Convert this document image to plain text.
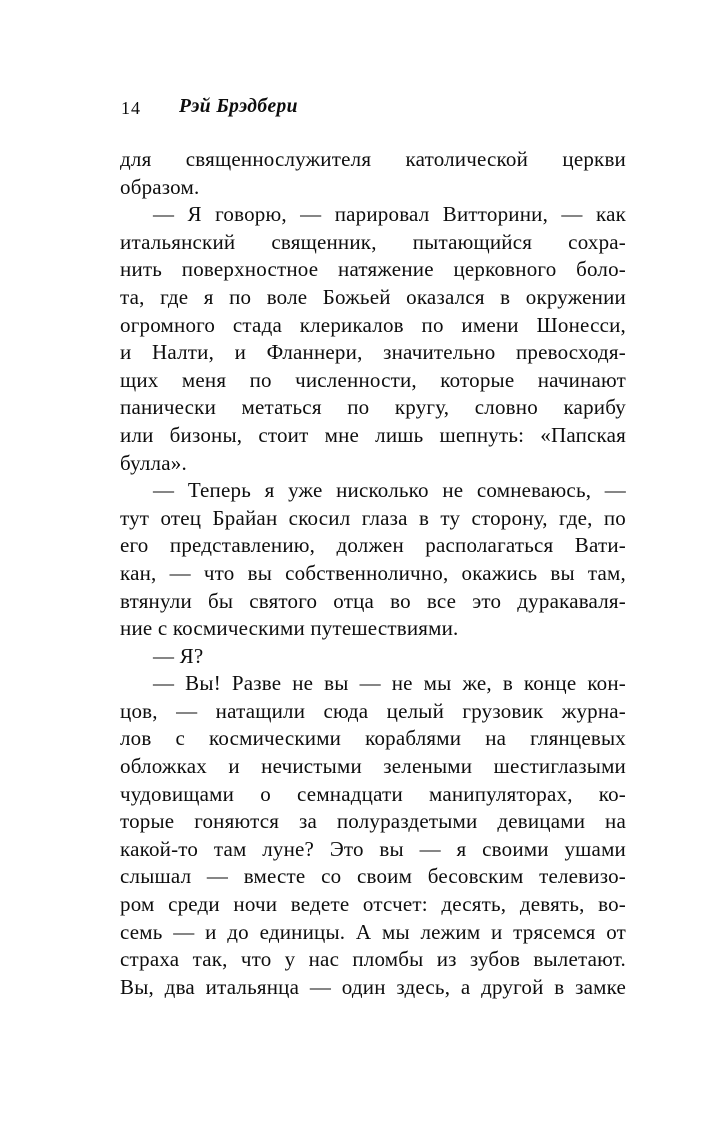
14 Рэй Брэдбери
для священнослужителя католической церкви
образом.
— Я говорю, — парировал Витторини, — как
итальянский священник, пытающийся сохра-
нить поверхностное натяжение церковного боло-
та, где я по воле Божьей оказался в окружении
огромного стада клерикалов по имени Шонесси,
и Налти, и Фланнери, значительно превосходя-
щих меня по численности, которые начинают
панически метаться по кругу, словно карибу
или бизоны, стоит мне лишь шепнуть: «Папская
булла».
— Теперь я уже нисколько не сомневаюсь, —
тут отец Брайан скосил глаза в ту сторону, где, по
его представлению, должен располагаться Вати-
кан, — что вы собственнолично, окажись вы там,
втянули бы святого отца во все это дуракаваля-
ние с космическими путешествиями.
— Я?
— Вы! Разве не вы — не мы же, в конце кон-
цов, — натащили сюда целый грузовик журна-
лов с космическими кораблями на глянцевых
обложках и нечистыми зелеными шестиглазыми
чудовищами о семнадцати манипуляторах, ко-
торые гоняются за полураздетыми девицами на
какой-то там луне? Это вы — я своими ушами
слышал — вместе со своим бесовским телевизо-
ром среди ночи ведете отсчет: десять, девять, во-
семь — и до единицы. А мы лежим и трясемся от
страха так, что у нас пломбы из зубов вылетают.
Вы, два итальянца — один здесь, а другой в замке
